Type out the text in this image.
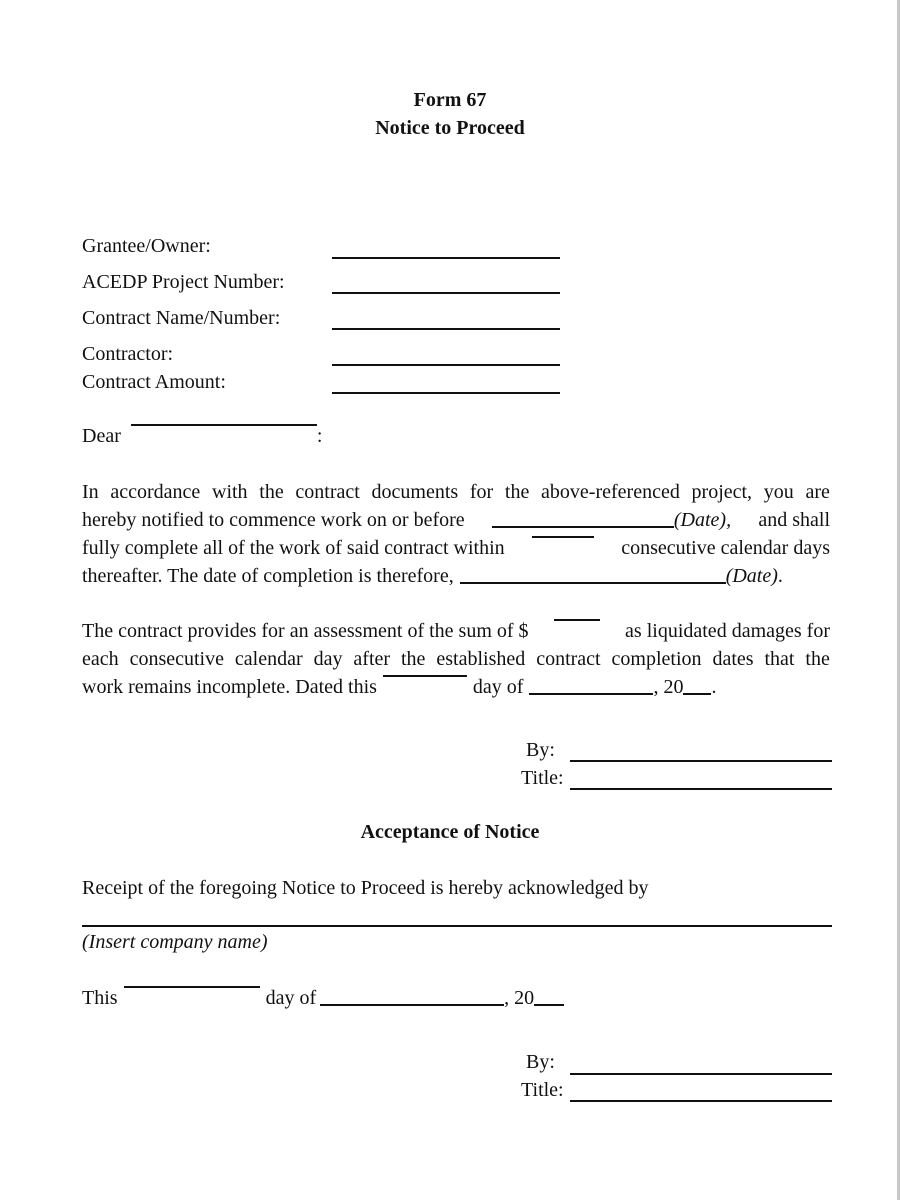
Form 67
Notice to Proceed
Grantee/Owner:
ACEDP Project Number:
Contract Name/Number:
Contractor:
Contract Amount:
Dear	:
In accordance with the contract documents for the above-referenced project, you are
hereby notified to commence work on or before	(Date), and shall
fully complete all of the work of said contract within	consecutive calendar days
thereafter. The date of completion is therefore,	(Date).
The contract provides for an assessment of the sum of $	as liquidated damages for
each consecutive calendar day after the established contract completion dates that the
work remains incomplete. Dated this	day of	, 20 .
By:
Title:
Acceptance of Notice
Receipt of the foregoing Notice to Proceed is hereby acknowledged by
(Insert company name)
This	day of	, 20
By:
Title:
